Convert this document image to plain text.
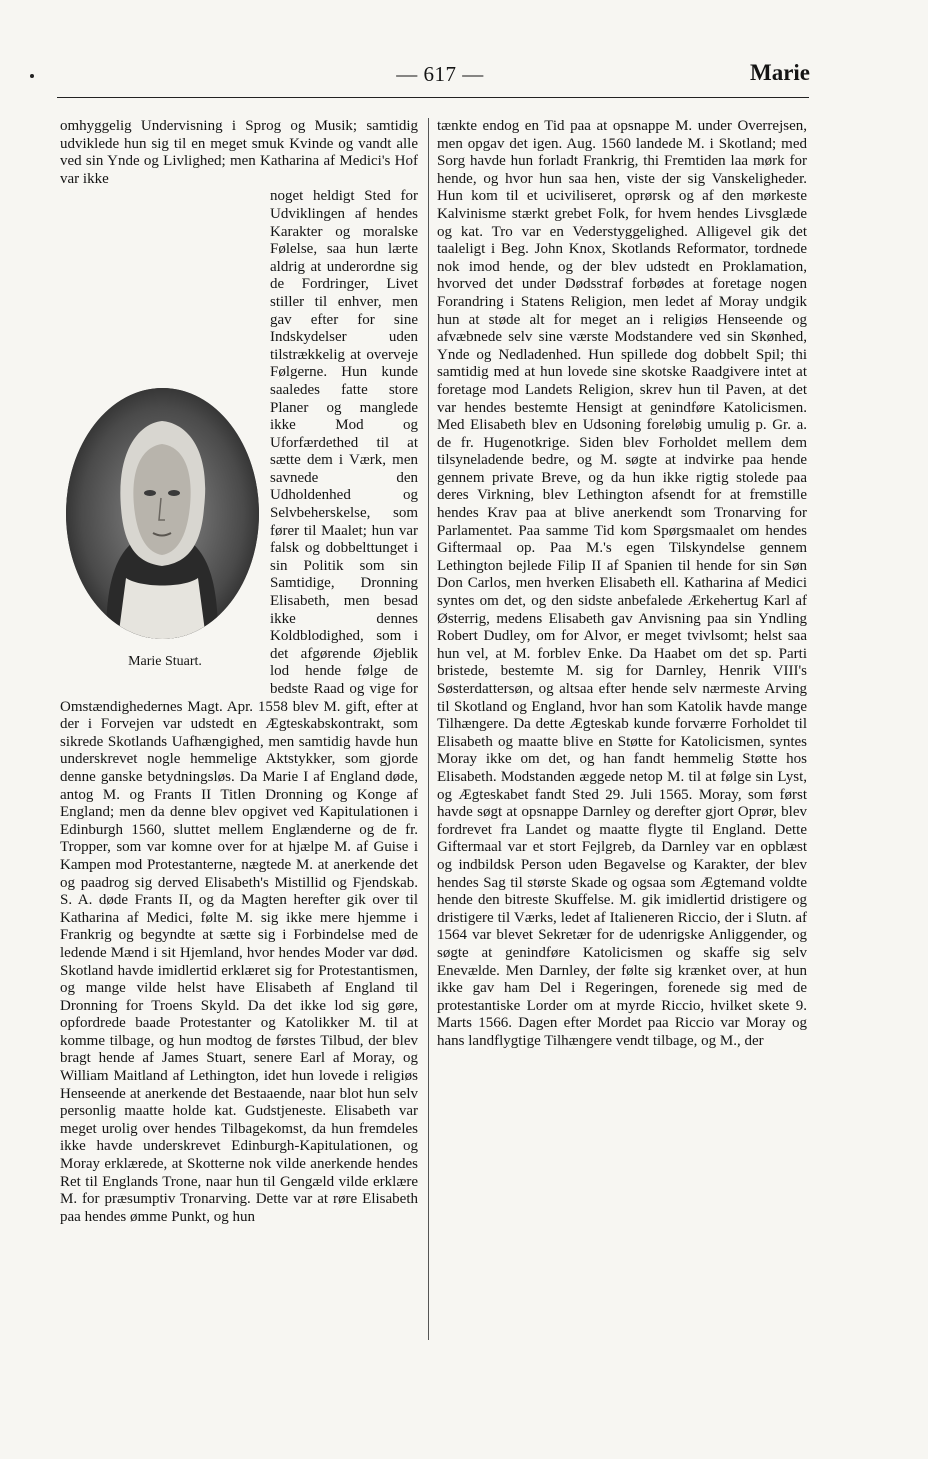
— 617 —	Marie

omhyggelig Undervisning i Sprog og Musik; samtidig udviklede hun sig til en meget smuk Kvinde og vandt alle ved sin Ynde og Livlighed; men Katharina af Medici's Hof var ikke

Marie Stuart.

noget heldigt Sted for Udviklingen af hendes Karakter og moralske Følelse, saa hun lærte aldrig at underordne sig de Fordringer, Livet stiller til enhver, men gav efter for sine Indskydelser uden tilstrækkelig at overveje Følgerne. Hun kunde saaledes fatte store Planer og manglede ikke Mod og Uforfærdethed til at sætte dem i Værk, men savnede den Udholdenhed og Selvbeherskelse, som fører til Maalet; hun var falsk og dobbelttunget i sin Politik som sin Samtidige, Dronning Elisabeth, men besad ikke dennes Koldblodighed, som i det afgørende Øjeblik lod hende følge de bedste Raad og vige for Omstændighedernes Magt. Apr. 1558 blev M. gift, efter at der i Forvejen var udstedt en Ægteskabskontrakt, som sikrede Skotlands Uafhængighed, men samtidig havde hun underskrevet nogle hemmelige Aktstykker, som gjorde denne ganske betydningsløs. Da Marie I af England døde, antog M. og Frants II Titlen Dronning og Konge af England; men da denne blev opgivet ved Kapitulationen i Edinburgh 1560, sluttet mellem Englænderne og de fr. Tropper, som var komne over for at hjælpe M. af Guise i Kampen mod Protestanterne, nægtede M. at anerkende det og paadrog sig derved Elisabeth's Mistillid og Fjendskab. S. A. døde Frants II, og da Magten herefter gik over til Katharina af Medici, følte M. sig ikke mere hjemme i Frankrig og begyndte at sætte sig i Forbindelse med de ledende Mænd i sit Hjemland, hvor hendes Moder var død. Skotland havde imidlertid erklæret sig for Protestantismen, og mange vilde helst have Elisabeth af England til Dronning for Troens Skyld. Da det ikke lod sig gøre, opfordrede baade Protestanter og Katolikker M. til at komme tilbage, og hun modtog de førstes Tilbud, der blev bragt hende af James Stuart, senere Earl af Moray, og William Maitland af Lethington, idet hun lovede i religiøs Henseende at anerkende det Bestaaende, naar blot hun selv personlig maatte holde kat. Gudstjeneste. Elisabeth var meget urolig over hendes Tilbagekomst, da hun fremdeles ikke havde underskrevet Edinburgh-Kapitulationen, og Moray erklærede, at Skotterne nok vilde anerkende hendes Ret til Englands Trone, naar hun til Gengæld vilde erklære M. for præsumptiv Tronarving. Dette var at røre Elisabeth paa hendes ømme Punkt, og hun

tænkte endog en Tid paa at opsnappe M. under Overrejsen, men opgav det igen. Aug. 1560 landede M. i Skotland; med Sorg havde hun forladt Frankrig, thi Fremtiden laa mørk for hende, og hvor hun saa hen, viste der sig Vanskeligheder. Hun kom til et uciviliseret, oprørsk og af den mørkeste Kalvinisme stærkt grebet Folk, for hvem hendes Livsglæde og kat. Tro var en Vederstyggelighed. Alligevel gik det taaleligt i Beg. John Knox, Skotlands Reformator, tordnede nok imod hende, og der blev udstedt en Proklamation, hvorved det under Dødsstraf forbødes at foretage nogen Forandring i Statens Religion, men ledet af Moray undgik hun at støde alt for meget an i religiøs Henseende og afvæbnede selv sine værste Modstandere ved sin Skønhed, Ynde og Nedladenhed. Hun spillede dog dobbelt Spil; thi samtidig med at hun lovede sine skotske Raadgivere intet at foretage mod Landets Religion, skrev hun til Paven, at det var hendes bestemte Hensigt at genindføre Katolicismen. Med Elisabeth blev en Udsoning foreløbig umulig p. Gr. a. de fr. Hugenotkrige. Siden blev Forholdet mellem dem tilsyneladende bedre, og M. søgte at indvirke paa hende gennem private Breve, og da hun ikke rigtig stolede paa deres Virkning, blev Lethington afsendt for at fremstille hendes Krav paa at blive anerkendt som Tronarving for Parlamentet. Paa samme Tid kom Spørgsmaalet om hendes Giftermaal op. Paa M.'s egen Tilskyndelse gennem Lethington bejlede Filip II af Spanien til hende for sin Søn Don Carlos, men hverken Elisabeth ell. Katharina af Medici syntes om det, og den sidste anbefalede Ærkehertug Karl af Østerrig, medens Elisabeth gav Anvisning paa sin Yndling Robert Dudley, om for Alvor, er meget tvivlsomt; helst saa hun vel, at M. forblev Enke. Da Haabet om det sp. Parti bristede, bestemte M. sig for Darnley, Henrik VIII's Søsterdattersøn, og altsaa efter hende selv nærmeste Arving til Skotland og England, hvor han som Katolik havde mange Tilhængere. Da dette Ægteskab kunde forværre Forholdet til Elisabeth og maatte blive en Støtte for Katolicismen, syntes Moray ikke om det, og han fandt hemmelig Støtte hos Elisabeth. Modstanden æggede netop M. til at følge sin Lyst, og Ægteskabet fandt Sted 29. Juli 1565. Moray, som først havde søgt at opsnappe Darnley og derefter gjort Oprør, blev fordrevet fra Landet og maatte flygte til England. Dette Giftermaal var et stort Fejlgreb, da Darnley var en opblæst og indbildsk Person uden Begavelse og Karakter, der blev hendes Sag til største Skade og ogsaa som Ægtemand voldte hende den bitreste Skuffelse. M. gik imidlertid dristigere og dristigere til Værks, ledet af Italieneren Riccio, der i Slutn. af 1564 var blevet Sekretær for de udenrigske Anliggender, og søgte at genindføre Katolicismen og skaffe sig selv Enevælde. Men Darnley, der følte sig krænket over, at hun ikke gav ham Del i Regeringen, forenede sig med de protestantiske Lorder om at myrde Riccio, hvilket skete 9. Marts 1566. Dagen efter Mordet paa Riccio var Moray og hans landflygtige Tilhængere vendt tilbage, og M., der
